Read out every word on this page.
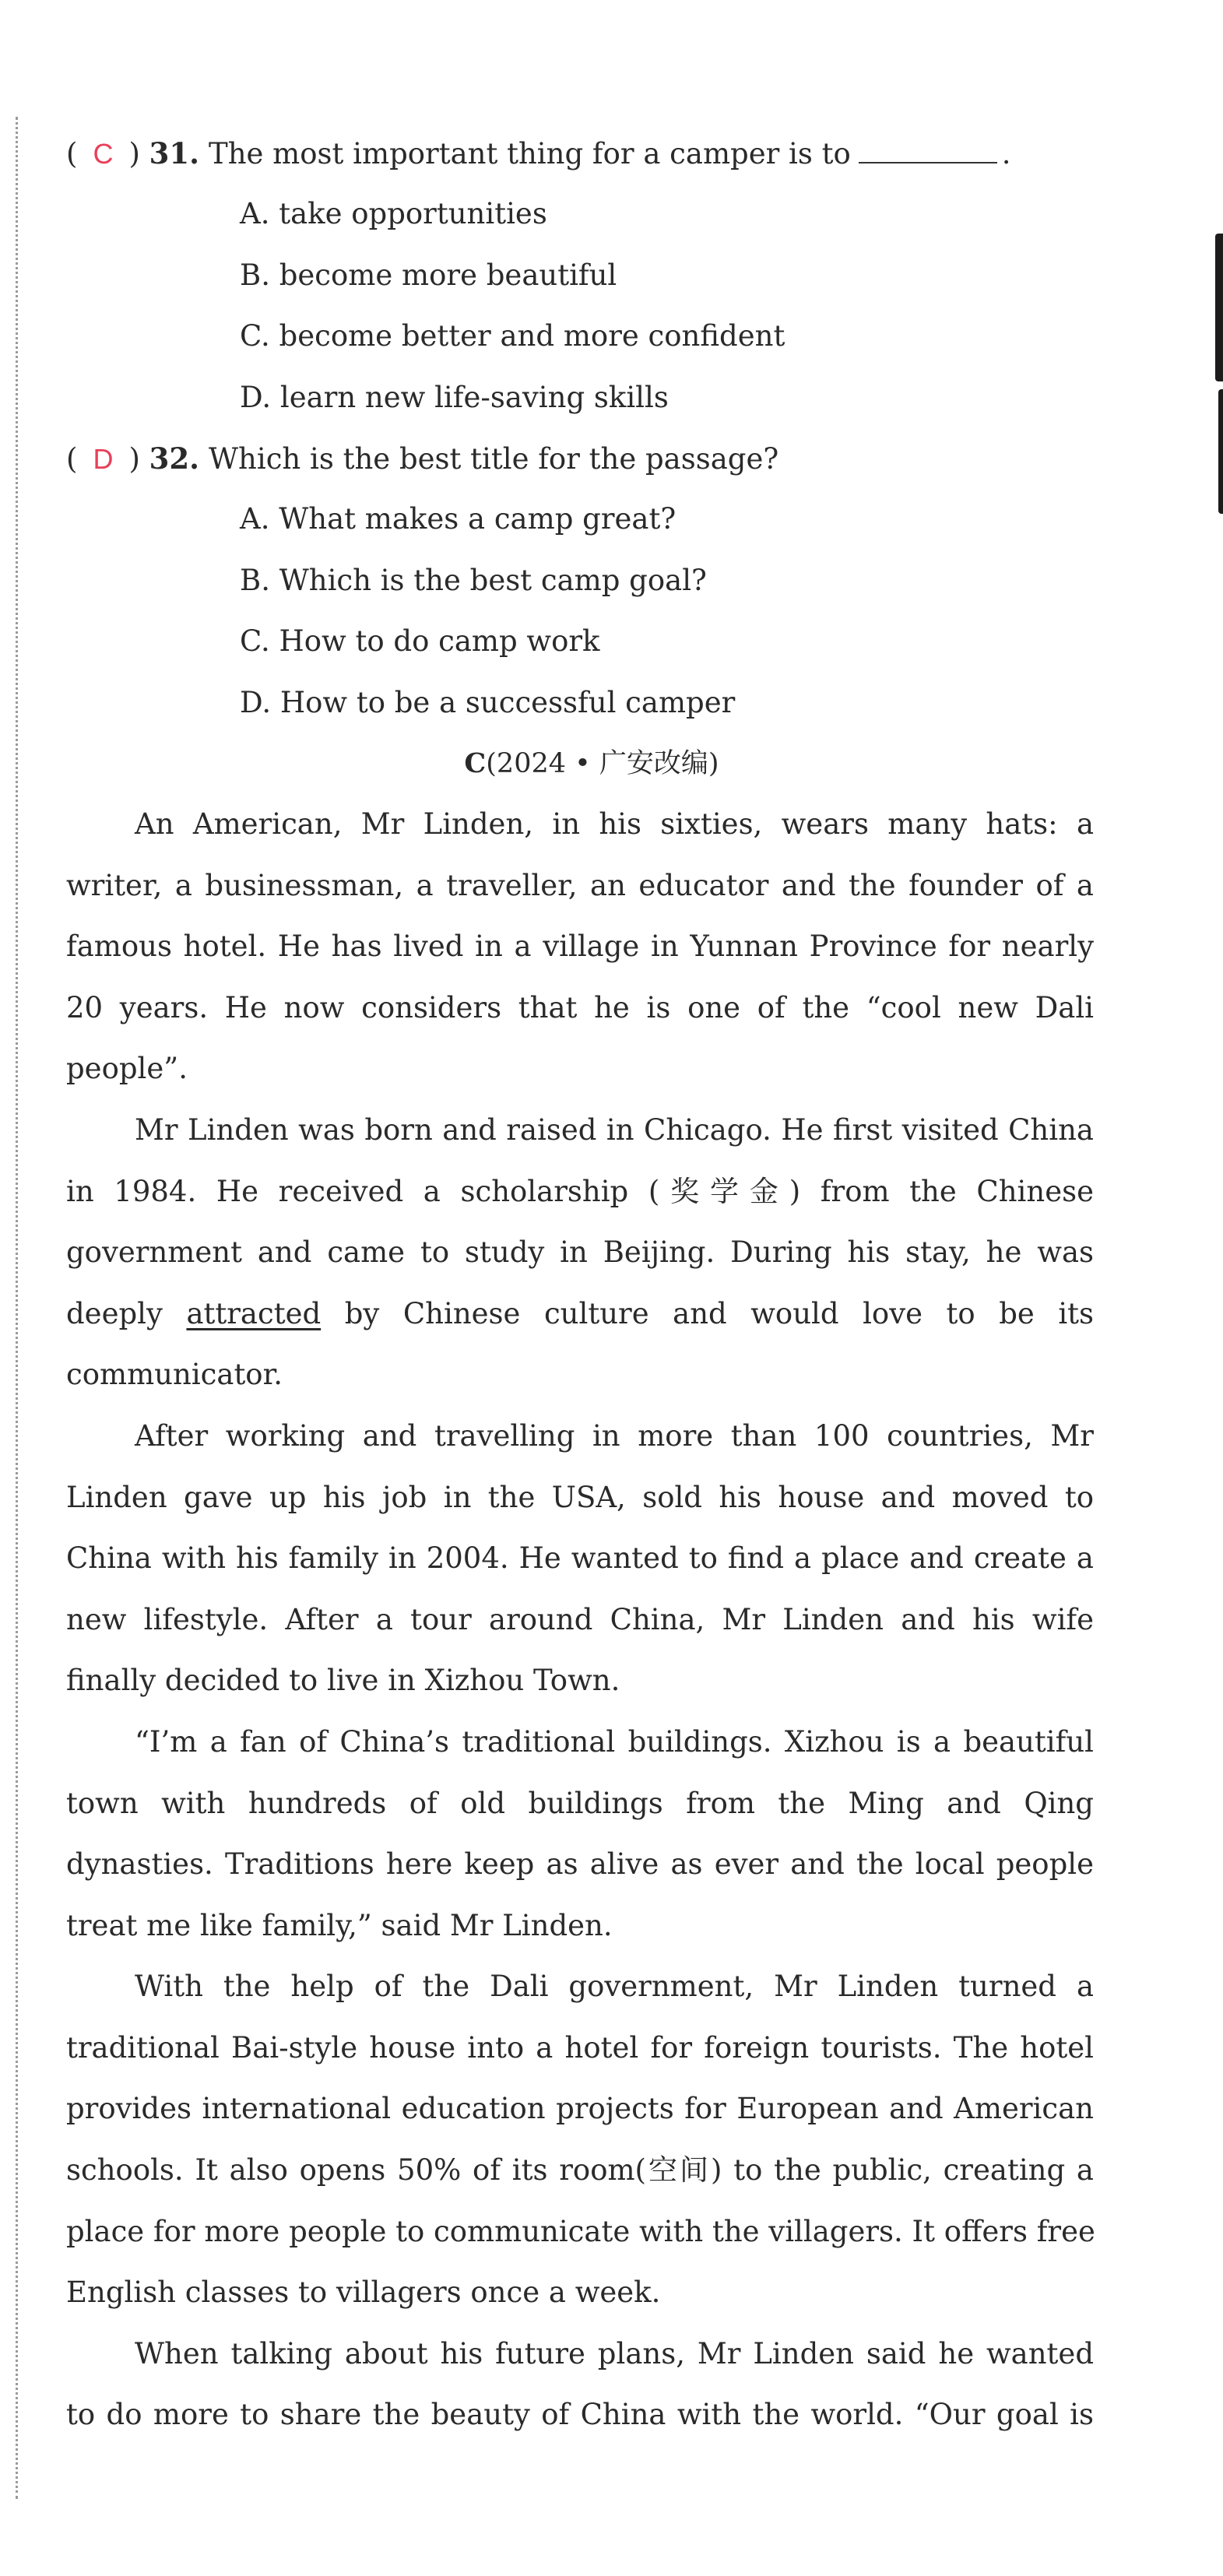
( C ) 31. The most important thing for a camper is to	.
A. take opportunities
B. become more beautiful
C. become better and more confident
D. learn new life-saving skills
( D ) 32. Which is the best title for the passage?
A. What makes a camp great?
B. Which is the best camp goal?
C. How to do camp work
D. How to be a successful camper
C(2024 • 广安改编)
An American, Mr Linden, in his sixties, wears many hats: a
writer, a businessman, a traveller, an educator and the founder of a
famous hotel. He has lived in a village in Yunnan Province for nearly
20 years. He now considers that he is one of the “cool new Dali
people”.
Mr Linden was born and raised in Chicago. He first visited China
in 1984. He received a scholarship (奖学金) from the Chinese
government and came to study in Beijing. During his stay, he was
deeply attracted by Chinese culture and would love to be its
communicator.
After working and travelling in more than 100 countries, Mr
Linden gave up his job in the USA, sold his house and moved to
China with his family in 2004. He wanted to find a place and create a
new lifestyle. After a tour around China, Mr Linden and his wife
finally decided to live in Xizhou Town.
“I’m a fan of China’s traditional buildings. Xizhou is a beautiful
town with hundreds of old buildings from the Ming and Qing
dynasties. Traditions here keep as alive as ever and the local people
treat me like family,” said Mr Linden.
With the help of the Dali government, Mr Linden turned a
traditional Bai-style house into a hotel for foreign tourists. The hotel
provides international education projects for European and American
schools. It also opens 50% of its room(空间) to the public, creating a
place for more people to communicate with the villagers. It offers free
English classes to villagers once a week.
When talking about his future plans, Mr Linden said he wanted
to do more to share the beauty of China with the world. “Our goal is
